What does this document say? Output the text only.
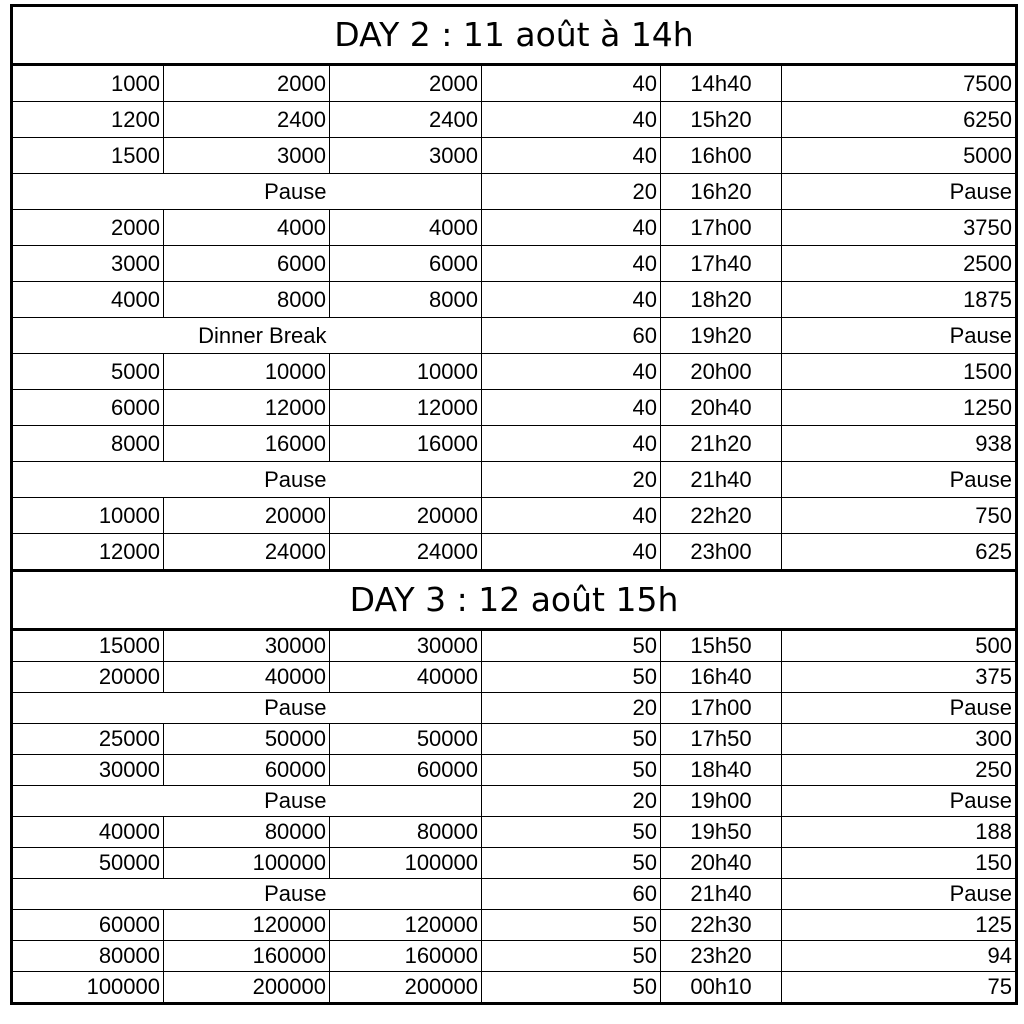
DAY 2 : 11 août à 14h					
1000	2000	2000	40	14h40	7500
1200	2400	2400	40	15h20	6250
1500	3000	3000	40	16h00	5000
	Pause		20	16h20	Pause
2000	4000	4000	40	17h00	3750
3000	6000	6000	40	17h40	2500
4000	8000	8000	40	18h20	1875
	Dinner Break		60	19h20	Pause
5000	10000	10000	40	20h00	1500
6000	12000	12000	40	20h40	1250
8000	16000	16000	40	21h20	938
	Pause		20	21h40	Pause
10000	20000	20000	40	22h20	750
12000	24000	24000	40	23h00	625
DAY 3 : 12 août 15h					
15000	30000	30000	50	15h50	500
20000	40000	40000	50	16h40	375
	Pause		20	17h00	Pause
25000	50000	50000	50	17h50	300
30000	60000	60000	50	18h40	250
	Pause		20	19h00	Pause
40000	80000	80000	50	19h50	188
50000	100000	100000	50	20h40	150
	Pause		60	21h40	Pause
60000	120000	120000	50	22h30	125
80000	160000	160000	50	23h20	94
100000	200000	200000	50	00h10	75
